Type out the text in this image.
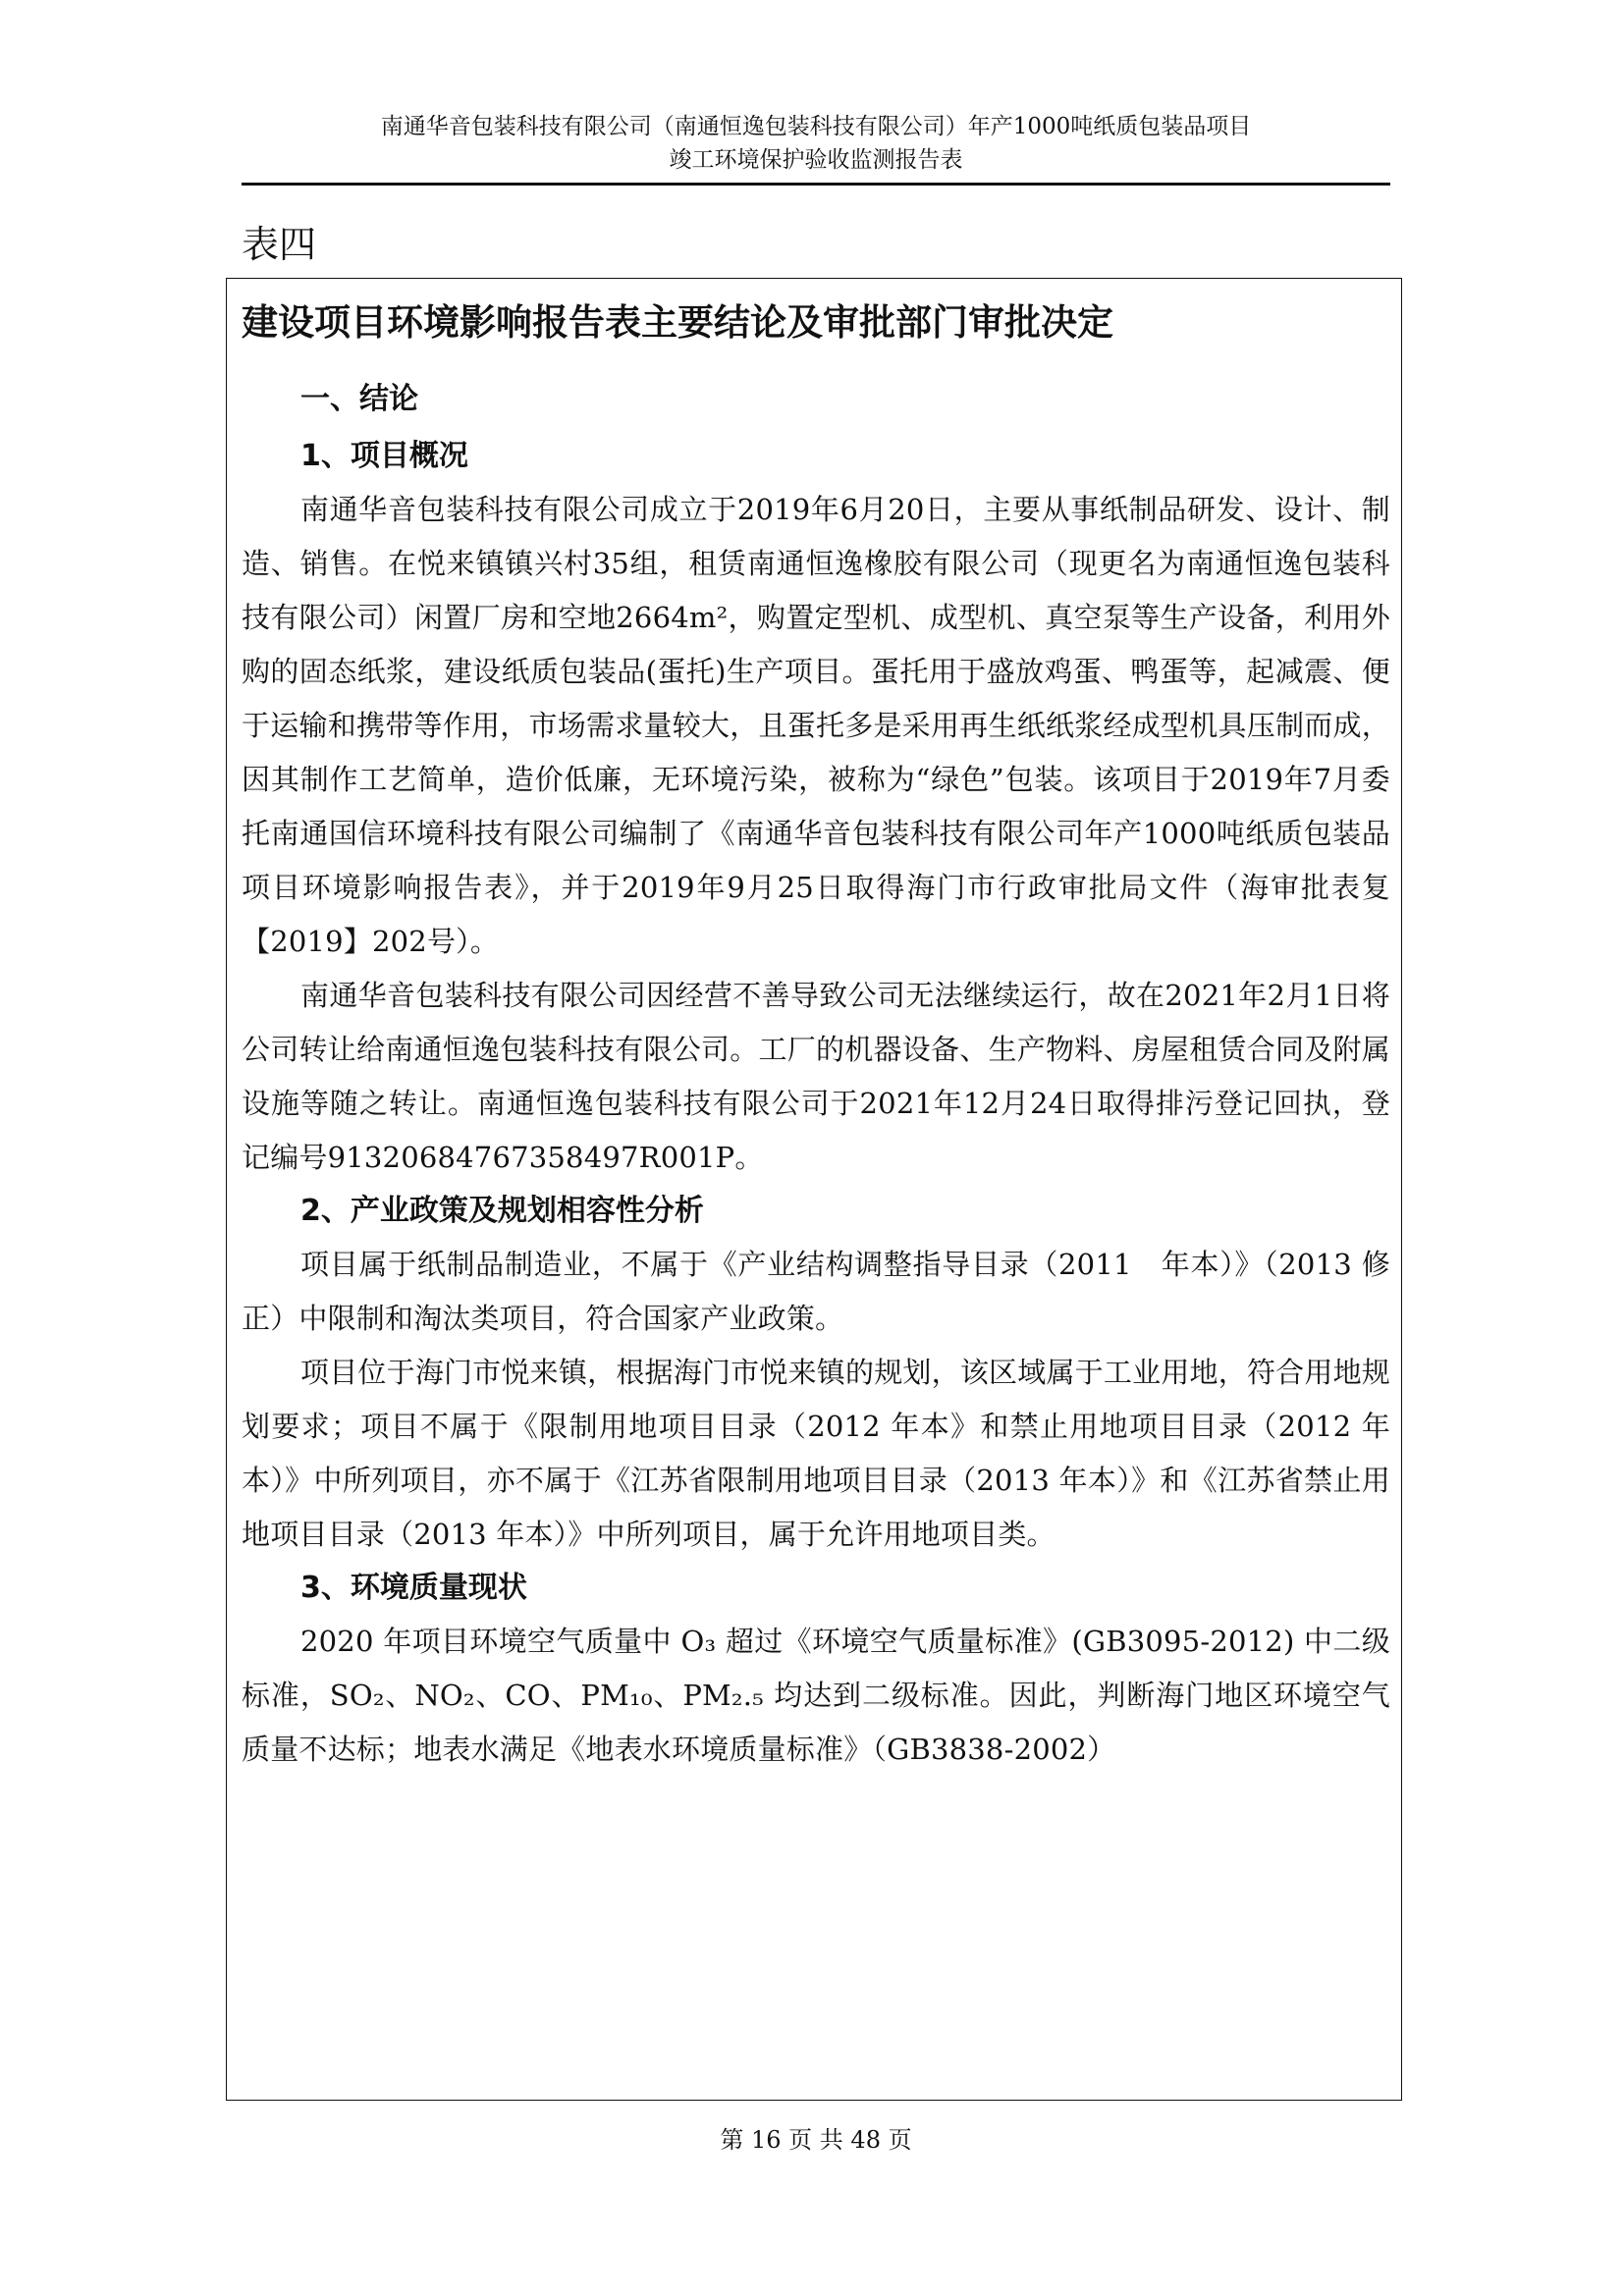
南通华音包装科技有限公司（南通恒逸包装科技有限公司）年产1000吨纸质包装品项目
竣工环境保护验收监测报告表
表四
建设项目环境影响报告表主要结论及审批部门审批决定
一、结论
1、项目概况

南通华音包装科技有限公司成立于2019年6月20日，主要从事纸制品研发、设计、制造、销售。在悦来镇镇兴村35组，租赁南通恒逸橡胶有限公司（现更名为南通恒逸包装科技有限公司）闲置厂房和空地2664m²，购置定型机、成型机、真空泵等生产设备，利用外购的固态纸浆，建设纸质包装品(蛋托)生产项目。蛋托用于盛放鸡蛋、鸭蛋等，起减震、便于运输和携带等作用，市场需求量较大，且蛋托多是采用再生纸纸浆经成型机具压制而成，因其制作工艺简单，造价低廉，无环境污染，被称为“绿色”包装。该项目于2019年7月委托南通国信环境科技有限公司编制了《南通华音包装科技有限公司年产1000吨纸质包装品项目环境影响报告表》，并于2019年9月25日取得海门市行政审批局文件（海审批表复【2019】202号）。

南通华音包装科技有限公司因经营不善导致公司无法继续运行，故在2021年2月1日将公司转让给南通恒逸包装科技有限公司。工厂的机器设备、生产物料、房屋租赁合同及附属设施等随之转让。南通恒逸包装科技有限公司于2021年12月24日取得排污登记回执，登记编号91320684767358497R001P。

2、产业政策及规划相容性分析

项目属于纸制品制造业，不属于《产业结构调整指导目录（2011　年本）》（2013 修正）中限制和淘汰类项目，符合国家产业政策。

项目位于海门市悦来镇，根据海门市悦来镇的规划，该区域属于工业用地，符合用地规划要求；项目不属于《限制用地项目目录（2012 年本》和禁止用地项目目录（2012 年本）》中所列项目，亦不属于《江苏省限制用地项目目录（2013 年本）》和《江苏省禁止用地项目目录（2013 年本）》中所列项目，属于允许用地项目类。

3、环境质量现状

2020 年项目环境空气质量中 O₃ 超过《环境空气质量标准》(GB3095-2012) 中二级标准，SO₂、NO₂、CO、PM₁₀、PM₂.₅ 均达到二级标准。因此，判断海门地区环境空气质量不达标；地表水满足《地表水环境质量标准》（GB3838-2002）

第 16 页 共 48 页
